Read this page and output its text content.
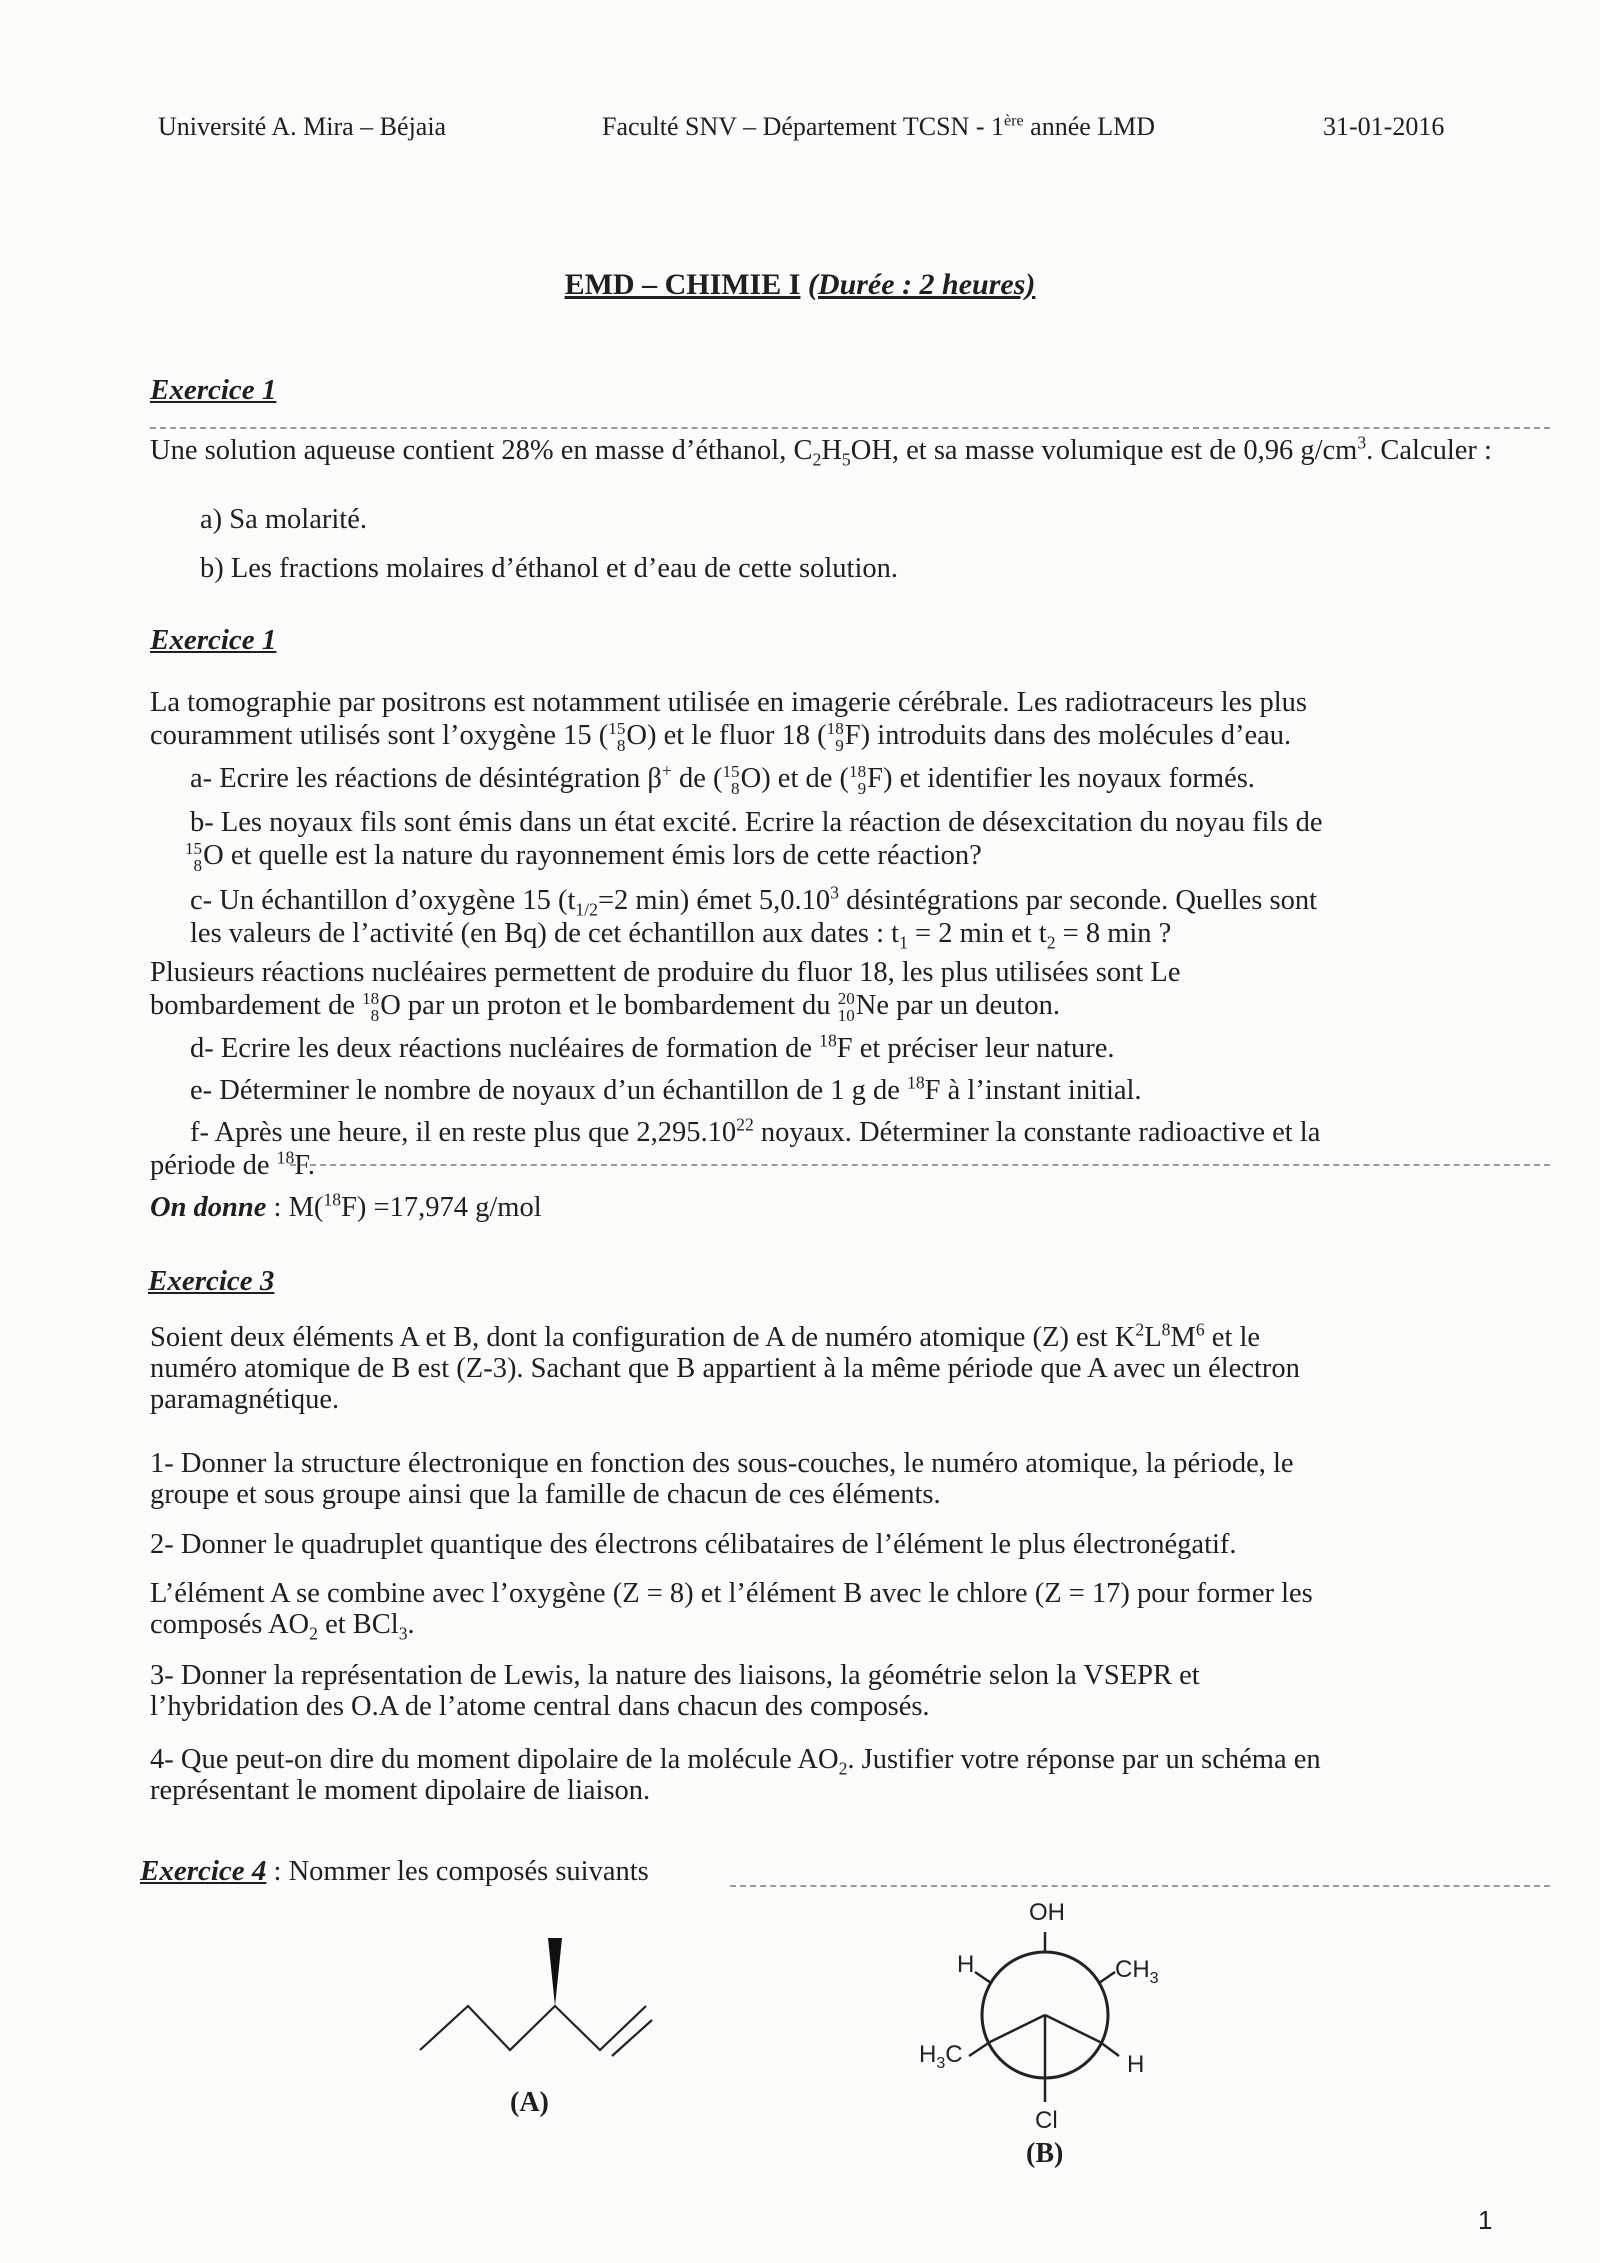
Université A. Mira – Béjaia	Faculté SNV – Département TCSN - 1ère année LMD	31-01-2016
EMD – CHIMIE I (Durée : 2 heures)
Exercice 1
Une solution aqueuse contient 28% en masse d’éthanol, $C_2H_5OH$, et sa masse volumique est de 0,96 $g/cm^3$. Calculer :
a) Sa molarité.
b) Les fractions molaires d’éthanol et d’eau de cette solution.
Exercice 1
La tomographie par positrons est notamment utilisée en imagerie cérébrale. Les radiotraceurs les plus
couramment utilisés sont l’oxygène 15 ( 15
8 O) et le fluor 18 ( 18
9 F) introduits dans des molécules d’eau.
a- Ecrire les réactions de désintégration β+ de ( 15
8 O) et de ( 18
9 F) et identifier les noyaux formés.
b- Les noyaux fils sont émis dans un état excité. Ecrire la réaction de désexcitation du noyau fils de

15
8 O et quelle est la nature du rayonnement émis lors de cette réaction?
c- Un échantillon d’oxygène 15 ($t_{1/2}=2$ min) émet 5,0.10$^3$ désintégrations par seconde. Quelles sont
les valeurs de l’activité (en Bq) de cet échantillon aux dates : $t_1 = 2$ min et $t_2 = 8$ min ?
Plusieurs réactions nucléaires permettent de produire du fluor 18, les plus utilisées sont Le
bombardement de 18
8 O par un proton et le bombardement du 20
10 Ne par un deuton.
d- Ecrire les deux réactions nucléaires de formation de $^{18}$F et préciser leur nature.
e- Déterminer le nombre de noyaux d’un échantillon de 1 g de $^{18}$F à l’instant initial.
f- Après une heure, il en reste plus que 2,295.10$^{22}$ noyaux. Déterminer la constante radioactive et la
période de $^{18}$F.
On donne : M($^{18}$F) =17,974 g/mol
Exercice 3
Soient deux éléments A et B, dont la configuration de A de numéro atomique (Z) est $K^2L^8M^6$ et le
numéro atomique de B est (Z-3). Sachant que B appartient à la même période que A avec un électron
paramagnétique.
1- Donner la structure électronique en fonction des sous-couches, le numéro atomique, la période, le
groupe et sous groupe ainsi que la famille de chacun de ces éléments.
2- Donner le quadruplet quantique des électrons célibataires de l’élément le plus électronégatif.
L’élément A se combine avec l’oxygène (Z = 8) et l’élément B avec le chlore (Z = 17) pour former les
composés $AO_2$ et BCl$_3$.
3- Donner la représentation de Lewis, la nature des liaisons, la géométrie selon la VSEPR et
l’hybridation des O.A de l’atome central dans chacun des composés.
4- Que peut-on dire du moment dipolaire de la molécule $AO_2$. Justifier votre réponse par un schéma en
représentant le moment dipolaire de liaison.
Exercice 4 : Nommer les composés suivants
(A)
OH
H	$CH_3$
$H_3C$	H
Cl
(B)
1
